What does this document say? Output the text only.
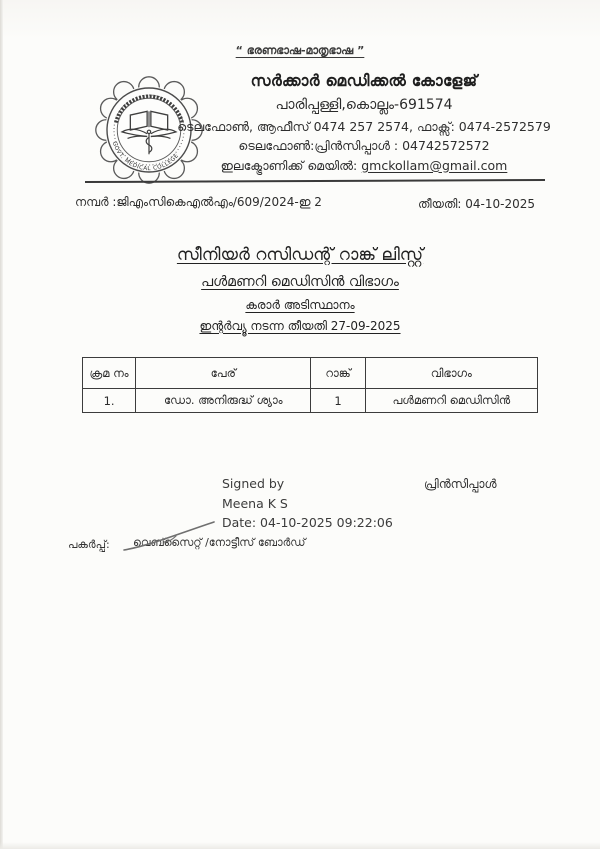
“ ഭരണഭാഷ-മാതൃഭാഷ ”
GOVT. MEDICAL COLLEGE
സർക്കാർ മെഡിക്കൽ കോളേജ്
പാരിപ്പള്ളി,കൊല്ലം-691574
ടെലഫോൺ, ആഫീസ് 0474 257 2574, ഫാക്സ്: 0474-2572579
ടെലഫോൺ:പ്രിൻസിപ്പാൾ : 04742572572
ഇലക്ട്രോണിക്ക് മെയിൽ: gmckollam@gmail.com
നമ്പർ :ജിഎംസികെഎൽഎം/609/2024-ഇ 2	തീയതി: 04-10-2025
സീനിയർ റസിഡന്റ് റാങ്ക് ലിസ്റ്റ്
പൾമണറി മെഡിസിൻ വിഭാഗം
കരാർ അടിസ്ഥാനം
ഇന്റർവ്യൂ നടന്ന തീയതി 27-09-2025
ക്രമ നം	പേര്	റാങ്ക്	വിഭാഗം
1.	ഡോ. അനിരുദ്ധ് ശ്യാം	1	പൾമണറി മെഡിസിൻ
Signed by
Meena K S
Date: 04-10-2025 09:22:06
പ്രിൻസിപ്പാൾ
പകർപ്പ്: വെബ്സൈറ്റ് /നോട്ടീസ് ബോർഡ്
